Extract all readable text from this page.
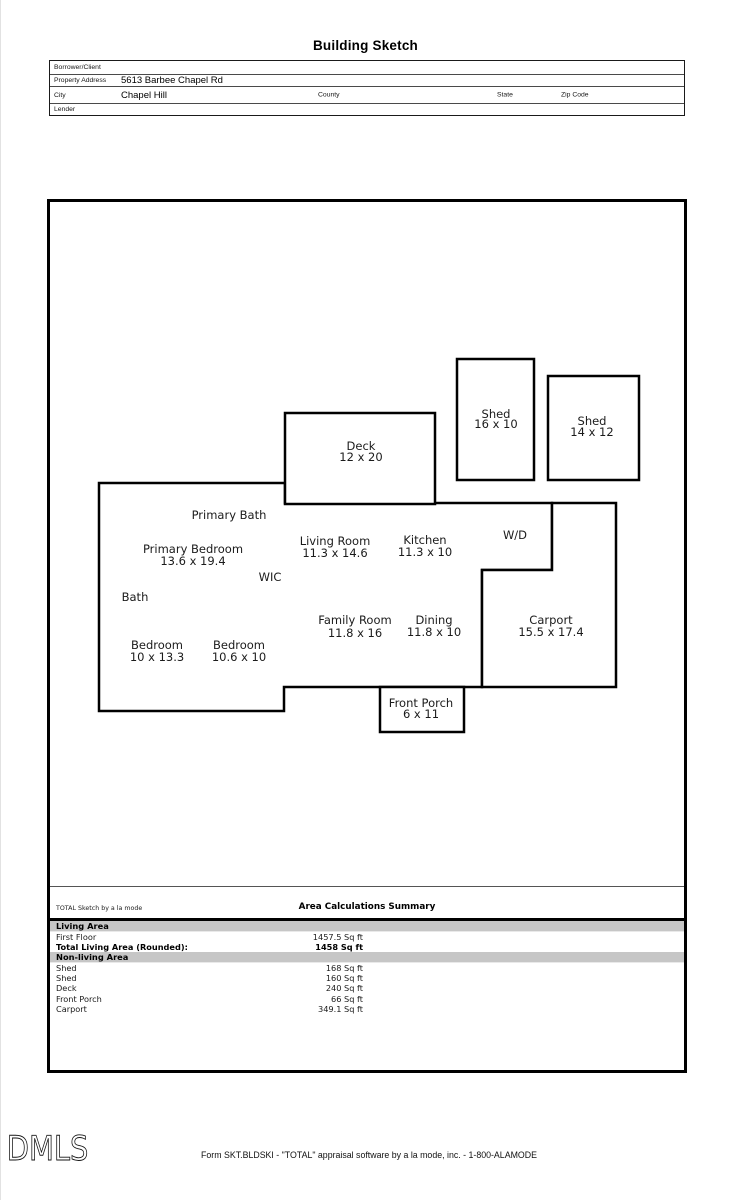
Building Sketch
Borrower/Client
Property Address	5613 Barbee Chapel Rd
City	Chapel Hill	County	State	Zip Code
Lender
Primary Bath
Primary Bedroom
13.6 x 19.4
WIC
Bath
Bedroom
10 x 13.3
Bedroom
10.6 x 10
Living Room
11.3 x 14.6
Kitchen
11.3 x 10
W/D
Family Room
11.8 x 16
Dining
11.8 x 10
Carport
15.5 x 17.4
Deck
12 x 20
Front Porch
6 x 11
Shed
16 x 10	Shed
14 x 12
TOTAL Sketch by a la mode	Area Calculations Summary
Living Area
First Floor	1457.5 Sq ft
Total Living Area (Rounded):	1458 Sq ft
Non-living Area
Shed	168 Sq ft
Shed	160 Sq ft
Deck	240 Sq ft
Front Porch	66 Sq ft
Carport	349.1 Sq ft
DMLS	Form SKT.BLDSKI - "TOTAL" appraisal software by a la mode, inc. - 1-800-ALAMODE
